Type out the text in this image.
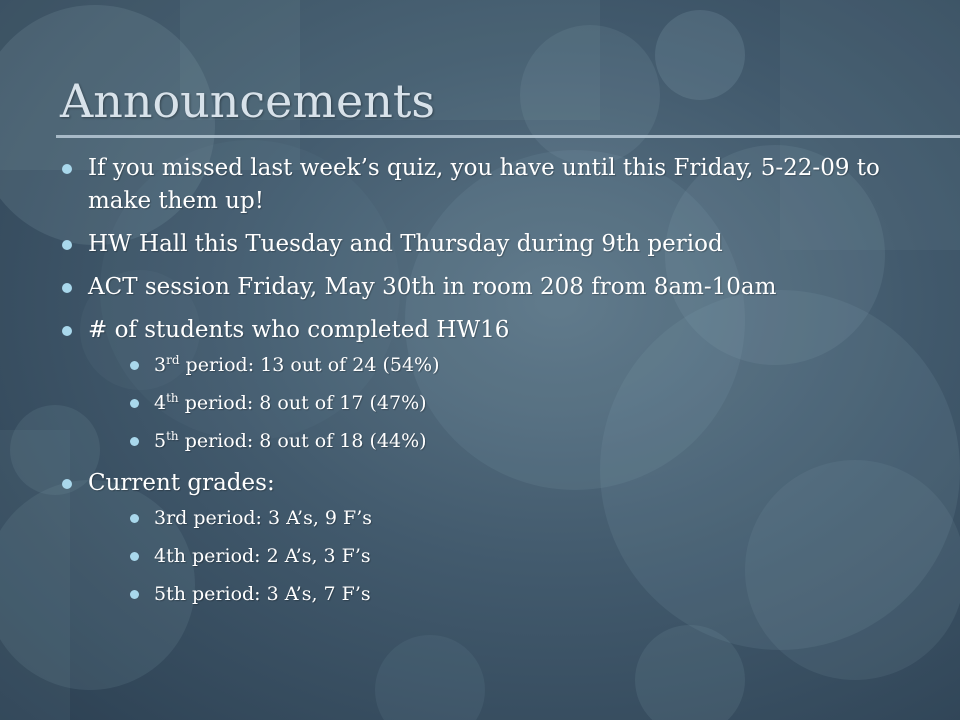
Announcements
If you missed last week’s quiz, you have until this Friday, 5-22-09 to make them up!
HW Hall this Tuesday and Thursday during 9th period
ACT session Friday, May 30th in room 208 from 8am-10am
# of students who completed HW16
3rd period: 13 out of 24 (54%)
4th period: 8 out of 17 (47%)
5th period: 8 out of 18 (44%)
Current grades:
3rd period: 3 A’s, 9 F’s
4th period: 2 A’s, 3 F’s
5th period: 3 A’s, 7 F’s
